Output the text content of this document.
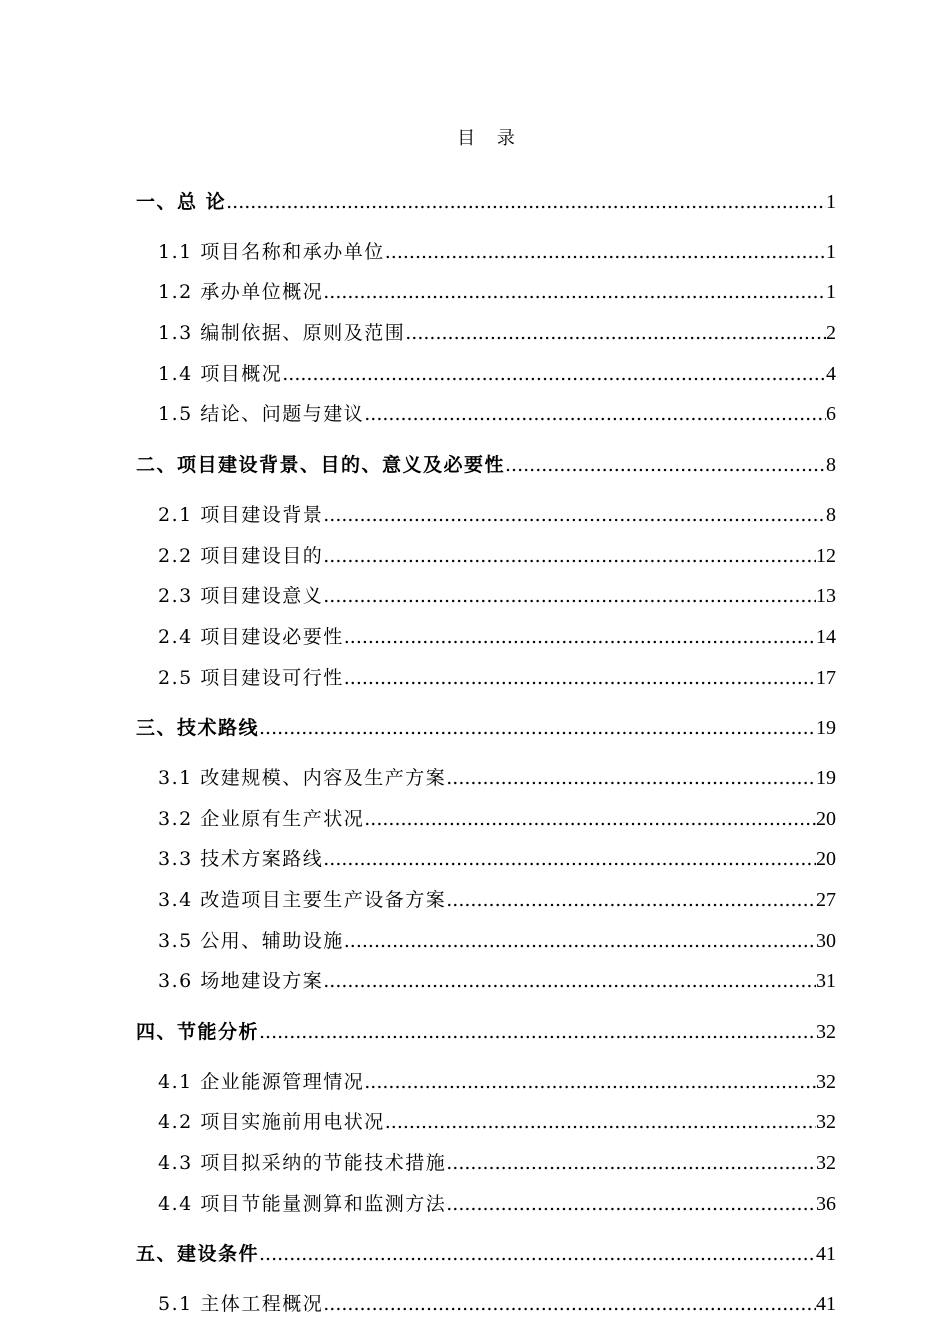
目 录
一、总 论 .....	1
1.1 项目名称和承办单位 .....	1
1.2 承办单位概况 .....	1
1.3 编制依据、原则及范围 .....	2
1.4 项目概况 .....	4
1.5 结论、问题与建议 .....	6
二、项目建设背景、目的、意义及必要性 .....	8
2.1 项目建设背景 .....	8
2.2 项目建设目的 .....	12
2.3 项目建设意义 .....	13
2.4 项目建设必要性 .....	14
2.5 项目建设可行性 .....	17
三、技术路线 .....	19
3.1 改建规模、内容及生产方案 .....	19
3.2 企业原有生产状况 .....	20
3.3 技术方案路线 .....	20
3.4 改造项目主要生产设备方案 .....	27
3.5 公用、辅助设施 .....	30
3.6 场地建设方案 .....	31
四、节能分析 .....	32
4.1 企业能源管理情况 .....	32
4.2 项目实施前用电状况 .....	32
4.3 项目拟采纳的节能技术措施 .....	32
4.4 项目节能量测算和监测方法 .....	36
五、建设条件 .....	41
5.1 主体工程概况 .....	41
